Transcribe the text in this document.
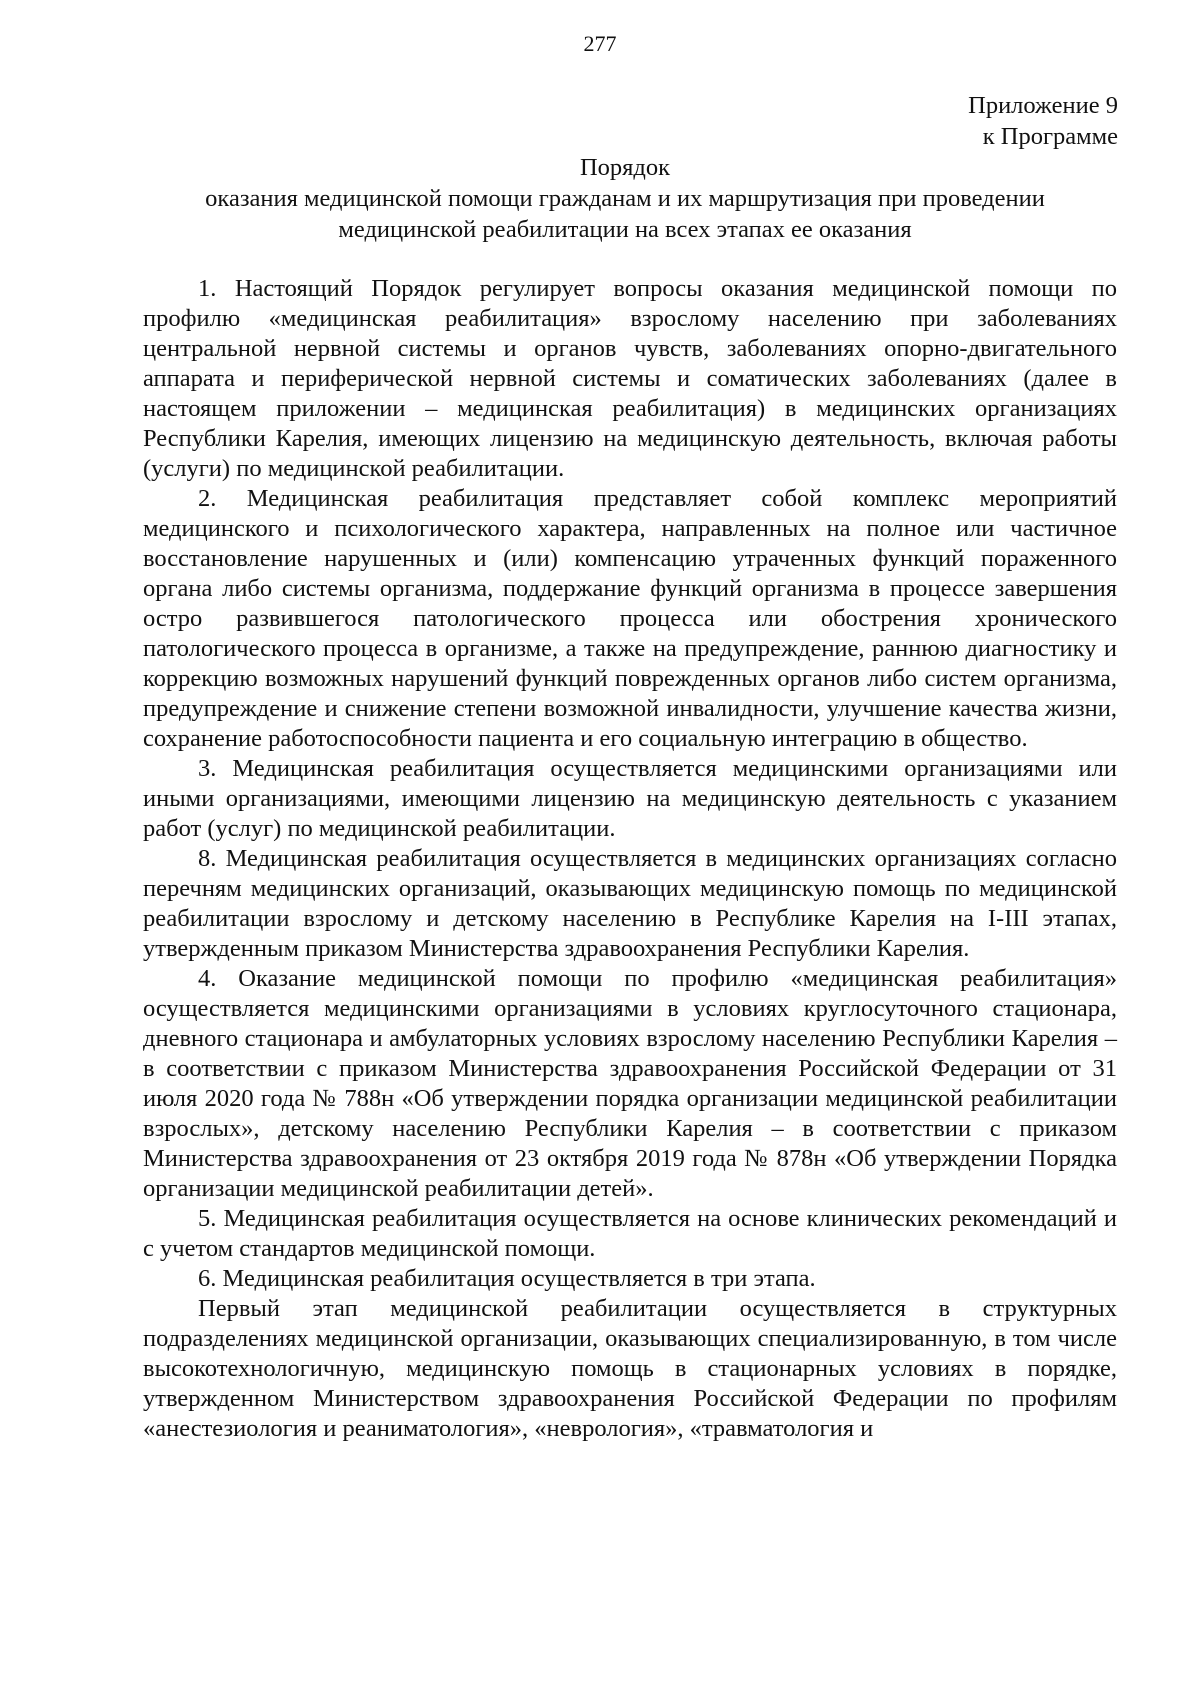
277
Приложение 9
к Программе
Порядок
оказания медицинской помощи гражданам и их маршрутизация при проведении
медицинской реабилитации на всех этапах ее оказания

1. Настоящий Порядок регулирует вопросы оказания медицинской помощи по профилю «медицинская реабилитация» взрослому населению при заболеваниях центральной нервной системы и органов чувств, заболеваниях опорно-двигательного аппарата и периферической нервной системы и соматических заболеваниях (далее в настоящем приложении – медицинская реабилитация) в медицинских организациях Республики Карелия, имеющих лицензию на медицинскую деятельность, включая работы (услуги) по медицинской реабилитации.

2. Медицинская реабилитация представляет собой комплекс мероприятий медицинского и психологического характера, направленных на полное или частичное восстановление нарушенных и (или) компенсацию утраченных функций пораженного органа либо системы организма, поддержание функций организма в процессе завершения остро развившегося патологического процесса или обострения хронического патологического процесса в организме, а также на предупреждение, раннюю диагностику и коррекцию возможных нарушений функций поврежденных органов либо систем организма, предупреждение и снижение степени возможной инвалидности, улучшение качества жизни, сохранение работоспособности пациента и его социальную интеграцию в общество.

3. Медицинская реабилитация осуществляется медицинскими организациями или иными организациями, имеющими лицензию на медицинскую деятельность с указанием работ (услуг) по медицинской реабилитации.

8. Медицинская реабилитация осуществляется в медицинских организациях согласно перечням медицинских организаций, оказывающих медицинскую помощь по медицинской реабилитации взрослому и детскому населению в Республике Карелия на I-III этапах, утвержденным приказом Министерства здравоохранения Республики Карелия.

4. Оказание медицинской помощи по профилю «медицинская реабилитация» осуществляется медицинскими организациями в условиях круглосуточного стационара, дневного стационара и амбулаторных условиях взрослому населению Республики Карелия – в соответствии с приказом Министерства здравоохранения Российской Федерации от 31 июля 2020 года № 788н «Об утверждении порядка организации медицинской реабилитации взрослых», детскому населению Республики Карелия – в соответствии с приказом Министерства здравоохранения от 23 октября 2019 года № 878н «Об утверждении Порядка организации медицинской реабилитации детей».

5. Медицинская реабилитация осуществляется на основе клинических рекомендаций и с учетом стандартов медицинской помощи.

6. Медицинская реабилитация осуществляется в три этапа.

Первый этап медицинской реабилитации осуществляется в структурных подразделениях медицинской организации, оказывающих специализированную, в том числе высокотехнологичную, медицинскую помощь в стационарных условиях в порядке, утвержденном Министерством здравоохранения Российской Федерации по профилям «анестезиология и реаниматология», «неврология», «травматология и
